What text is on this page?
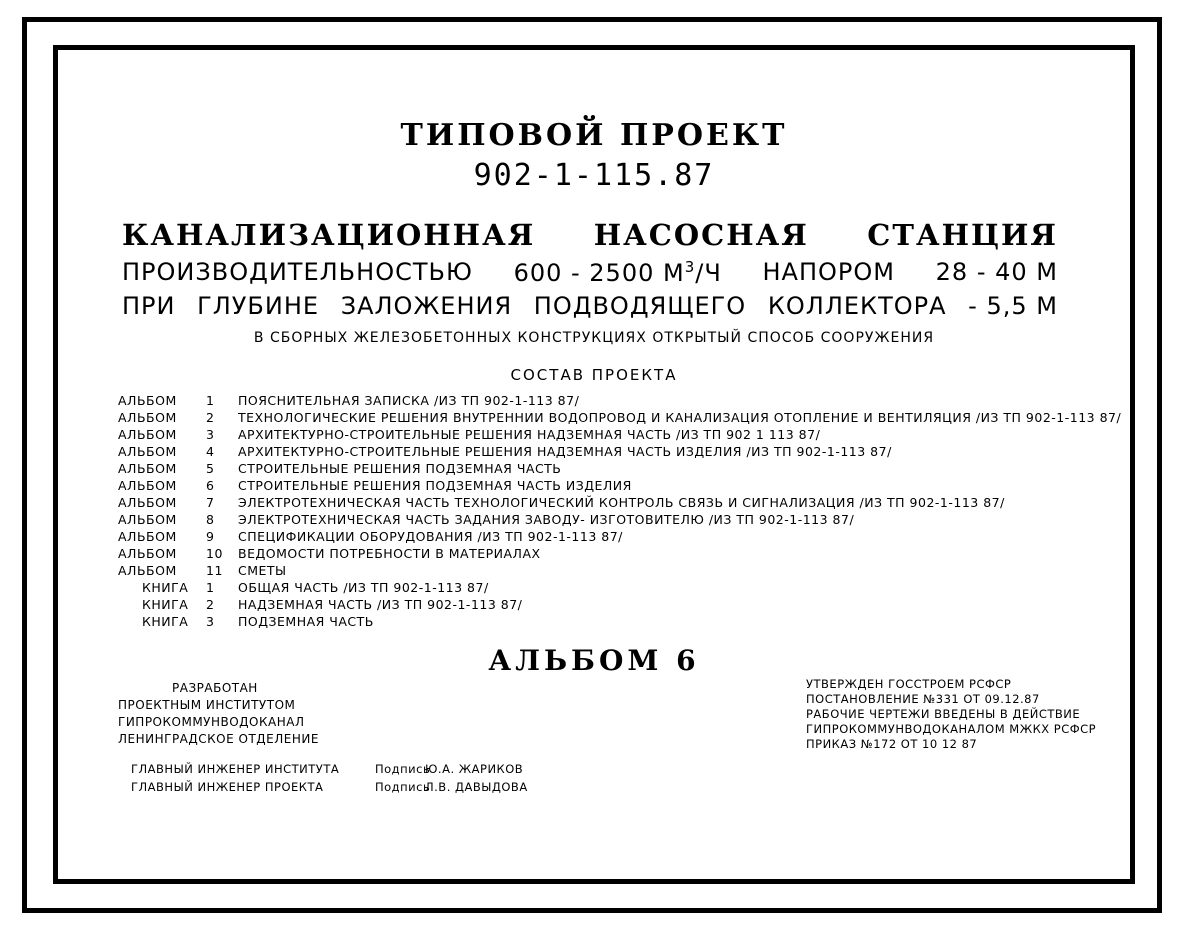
ТИПОВОЙ ПРОЕКТ
902-1-115.87
КАНАЛИЗАЦИОННАЯ НАСОСНАЯ СТАНЦИЯ
ПРОИЗВОДИТЕЛЬНОСТЬЮ 600 - 2500 $М^3/Ч$ НАПОРОМ 28 - 40 М
ПРИ ГЛУБИНЕ ЗАЛОЖЕНИЯ ПОДВОДЯЩЕГО КОЛЛЕКТОРА - 5,5 М
В СБОРНЫХ ЖЕЛЕЗОБЕТОННЫХ КОНСТРУКЦИЯХ ОТКРЫТЫЙ СПОСОБ СООРУЖЕНИЯ
СОСТАВ ПРОЕКТА
АЛЬБОМ	1	ПОЯСНИТЕЛЬНАЯ ЗАПИСКА /ИЗ ТП 902-1-113 87/
АЛЬБОМ	2	ТЕХНОЛОГИЧЕСКИЕ РЕШЕНИЯ ВНУТРЕННИИ ВОДОПРОВОД И КАНАЛИЗАЦИЯ ОТОПЛЕНИЕ И ВЕНТИЛЯЦИЯ /ИЗ ТП 902-1-113 87/
АЛЬБОМ	3	АРХИТЕКТУРНО-СТРОИТЕЛЬНЫЕ РЕШЕНИЯ НАДЗЕМНАЯ ЧАСТЬ /ИЗ ТП 902 1 113 87/
АЛЬБОМ	4	АРХИТЕКТУРНО-СТРОИТЕЛЬНЫЕ РЕШЕНИЯ НАДЗЕМНАЯ ЧАСТЬ ИЗДЕЛИЯ /ИЗ ТП 902-1-113 87/
АЛЬБОМ	5	СТРОИТЕЛЬНЫЕ РЕШЕНИЯ ПОДЗЕМНАЯ ЧАСТЬ
АЛЬБОМ	6	СТРОИТЕЛЬНЫЕ РЕШЕНИЯ ПОДЗЕМНАЯ ЧАСТЬ ИЗДЕЛИЯ
АЛЬБОМ	7	ЭЛЕКТРОТЕХНИЧЕСКАЯ ЧАСТЬ ТЕХНОЛОГИЧЕСКИЙ КОНТРОЛЬ СВЯЗЬ И СИГНАЛИЗАЦИЯ /ИЗ ТП 902-1-113 87/
АЛЬБОМ	8	ЭЛЕКТРОТЕХНИЧЕСКАЯ ЧАСТЬ ЗАДАНИЯ ЗАВОДУ- ИЗГОТОВИТЕЛЮ /ИЗ ТП 902-1-113 87/
АЛЬБОМ	9	СПЕЦИФИКАЦИИ ОБОРУДОВАНИЯ /ИЗ ТП 902-1-113 87/
АЛЬБОМ	10	ВЕДОМОСТИ ПОТРЕБНОСТИ В МАТЕРИАЛАХ
АЛЬБОМ	11	СМЕТЫ
КНИГА	1	ОБЩАЯ ЧАСТЬ /ИЗ ТП 902-1-113 87/
КНИГА	2	НАДЗЕМНАЯ ЧАСТЬ /ИЗ ТП 902-1-113 87/
КНИГА	3	ПОДЗЕМНАЯ ЧАСТЬ
АЛЬБОМ 6
РАЗРАБОТАН
ПРОЕКТНЫМ ИНСТИТУТОМ
ГИПРОКОММУНВОДОКАНАЛ
ЛЕНИНГРАДСКОЕ ОТДЕЛЕНИЕ
УТВЕРЖДЕН ГОССТРОЕМ РСФСР
ПОСТАНОВЛЕНИЕ №331 ОТ 09.12.87
РАБОЧИЕ ЧЕРТЕЖИ ВВЕДЕНЫ В ДЕЙСТВИЕ
ГИПРОКОММУНВОДОКАНАЛОМ МЖКХ РСФСР
ПРИКАЗ №172 ОТ 10 12 87
ГЛАВНЫЙ ИНЖЕНЕР ИНСТИТУТА	ПодписьЮ.А. ЖАРИКОВ
ГЛАВНЫЙ ИНЖЕНЕР ПРОЕКТА	ПодписьЛ.В. ДАВЫДОВА
